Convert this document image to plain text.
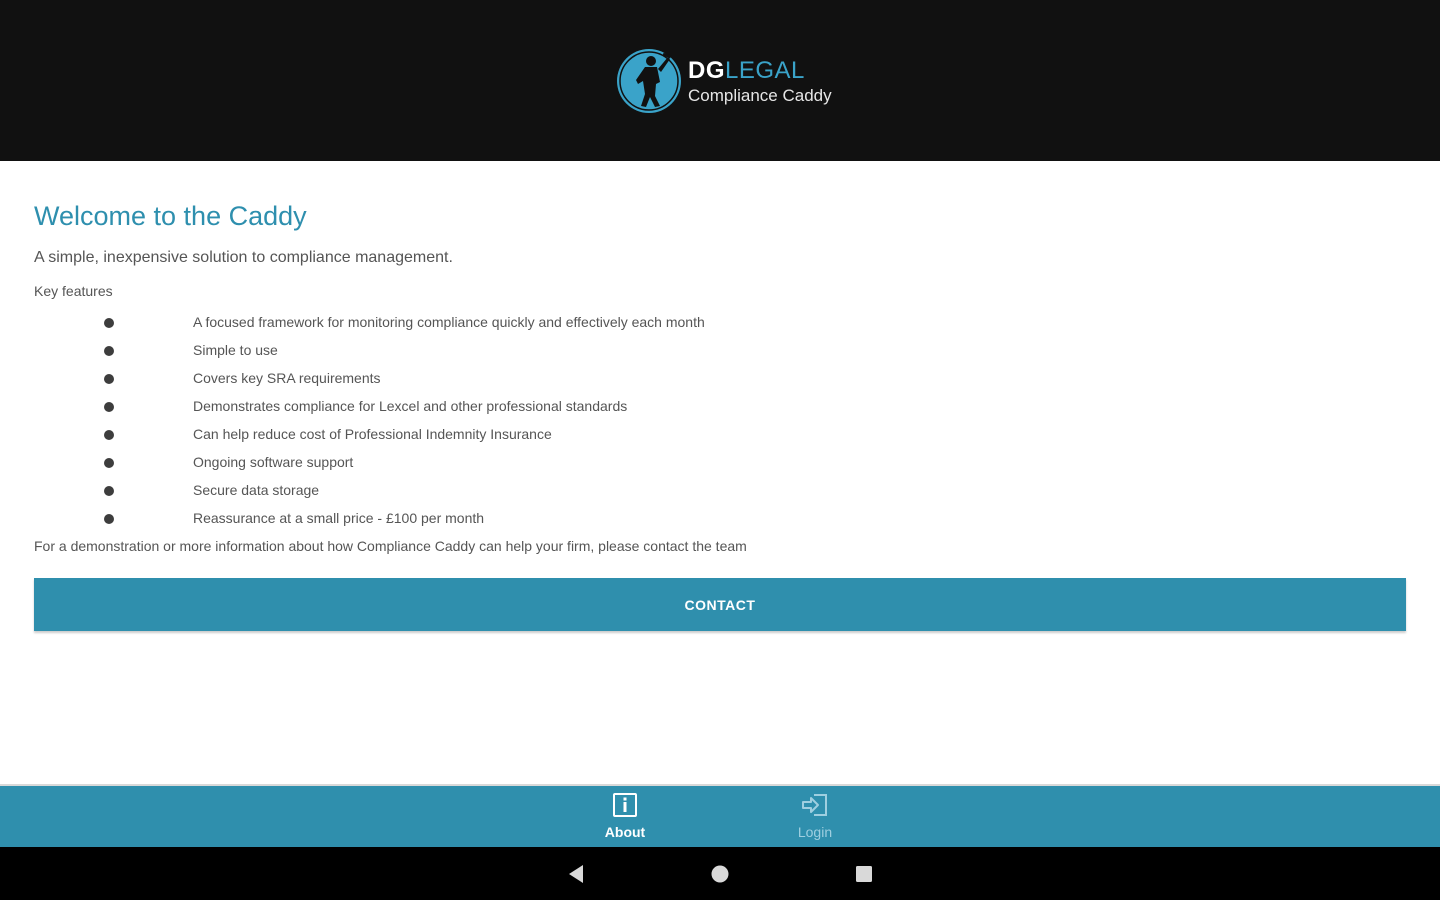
DGLEGAL
Compliance Caddy
Welcome to the Caddy

A simple, inexpensive solution to compliance management.

Key features

A focused framework for monitoring compliance quickly and effectively each month
Simple to use
Covers key SRA requirements
Demonstrates compliance for Lexcel and other professional standards
Can help reduce cost of Professional Indemnity Insurance
Ongoing software support
Secure data storage
Reassurance at a small price - £100 per month

For a demonstration or more information about how Compliance Caddy can help your firm, please contact the team

CONTACT
About	Login
